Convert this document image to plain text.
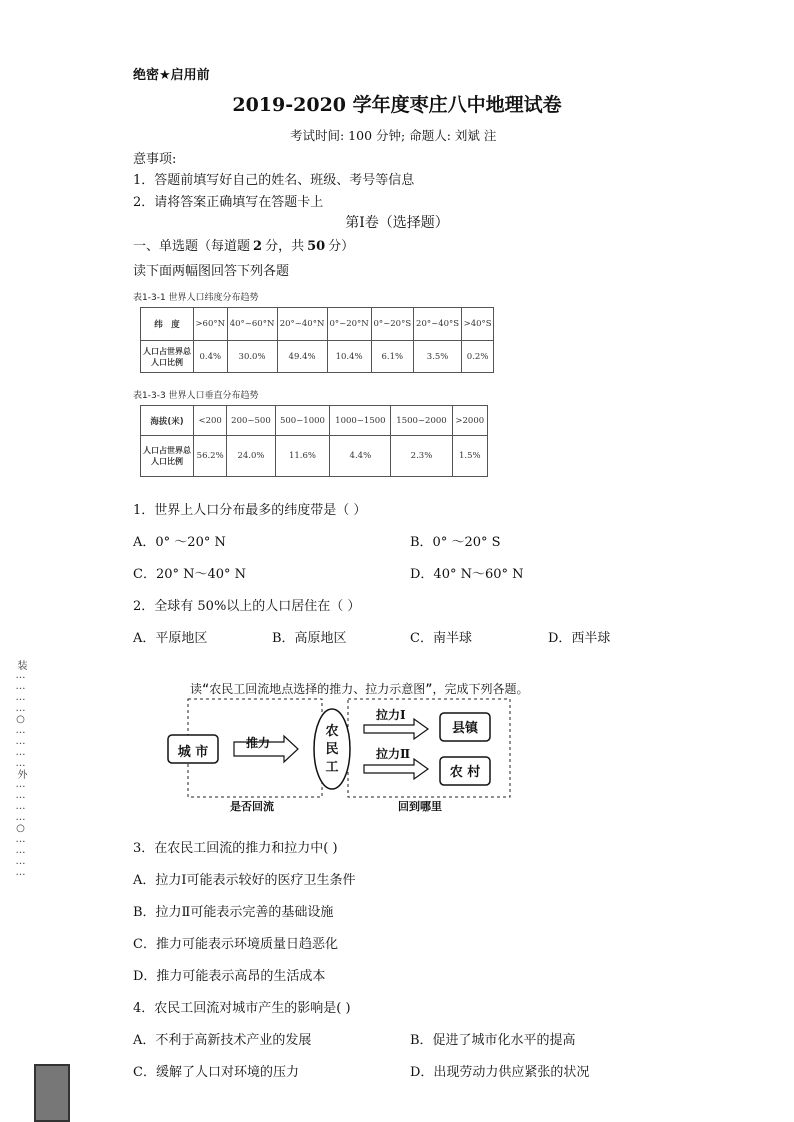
绝密★启用前
2019-2020 学年度枣庄八中地理试卷
考试时间: 100 分钟; 命题人: 刘斌 注
意事项:
1．答题前填写好自己的姓名、班级、考号等信息
2．请将答案正确填写在答题卡上
第Ⅰ卷（选择题）
一、单选题（每道题 2 分，共 50 分）
读下面两幅图回答下列各题
表1-3-1 世界人口纬度分布趋势
纬　度	>60°N	40°~60°N	20°~40°N	0°~20°N	0°~20°S	20°~40°S	>40°S
人口占世界总人口比例	0.4%	30.0%	49.4%	10.4%	6.1%	3.5%	0.2%
表1-3-3 世界人口垂直分布趋势
海拔(米)	<200	200~500	500~1000	1000~1500	1500~2000	>2000
人口占世界总人口比例	56.2%	24.0%	11.6%	4.4%	2.3%	1.5%
1．世界上人口分布最多的纬度带是（ ）
A．0° ～20° N	B．0° ～20° S
C．20° N～40° N	D．40° N～60° N
2．全球有 50%以上的人口居住在（ ）
A．平原地区	B．高原地区	C．南半球	D．西半球
读“农民工回流地点选择的推力、拉力示意图”，完成下列各题。
城 市
推力
农
民
工
拉力Ⅰ
拉力Ⅱ
县镇
农 村
是否回流	回到哪里
3．在农民工回流的推力和拉力中( )
A．拉力Ⅰ可能表示较好的医疗卫生条件
B．拉力Ⅱ可能表示完善的基础设施
C．推力可能表示环境质量日趋恶化
D．推力可能表示高昂的生活成本
4．农民工回流对城市产生的影响是( )
A．不利于高新技术产业的发展	B．促进了城市化水平的提高
C．缓解了人口对环境的压力	D．出现劳动力供应紧张的状况
装…………○…………外…………○…………
